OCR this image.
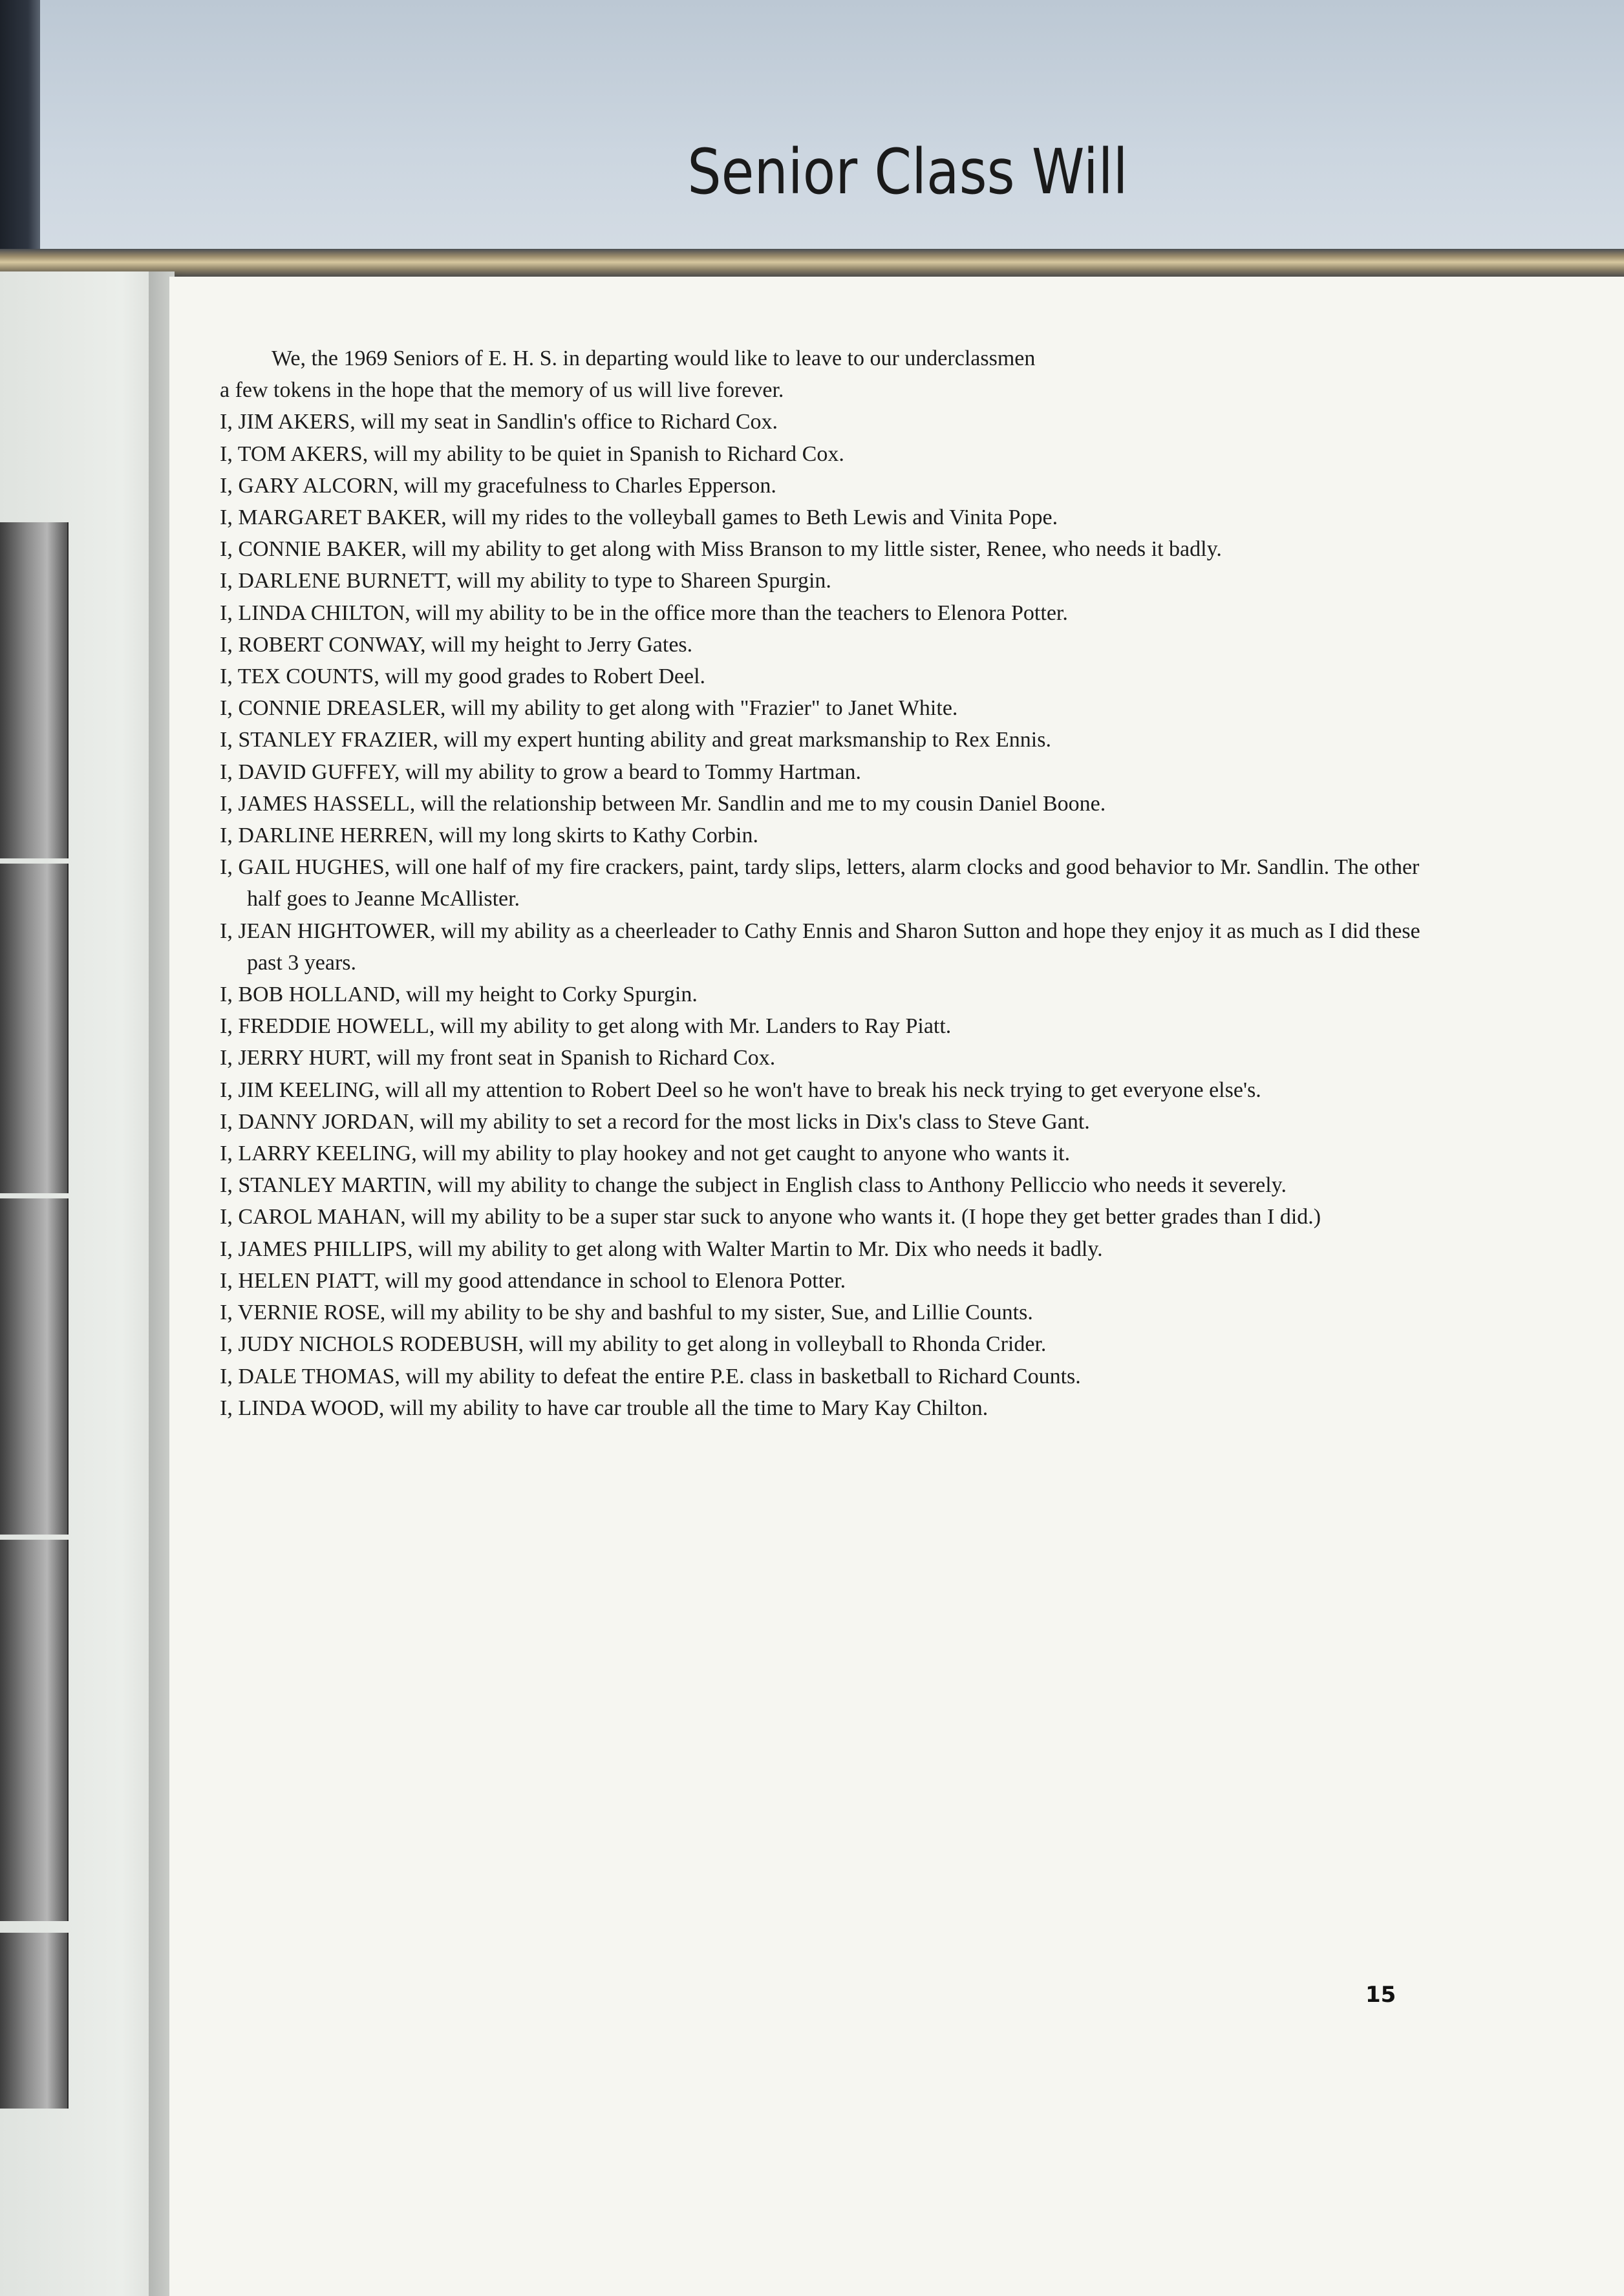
Senior Class Will

We, the 1969 Seniors of E. H. S. in departing would like to leave to our underclassmen

a few tokens in the hope that the memory of us will live forever.

I, JIM AKERS, will my seat in Sandlin's office to Richard Cox.

I, TOM AKERS, will my ability to be quiet in Spanish to Richard Cox.

I, GARY ALCORN, will my gracefulness to Charles Epperson.

I, MARGARET BAKER, will my rides to the volleyball games to Beth Lewis and Vinita Pope.

I, CONNIE BAKER, will my ability to get along with Miss Branson to my little sister, Renee, who needs it badly.

I, DARLENE BURNETT, will my ability to type to Shareen Spurgin.

I, LINDA CHILTON, will my ability to be in the office more than the teachers to Elenora Potter.

I, ROBERT CONWAY, will my height to Jerry Gates.

I, TEX COUNTS, will my good grades to Robert Deel.

I, CONNIE DREASLER, will my ability to get along with "Frazier" to Janet White.

I, STANLEY FRAZIER, will my expert hunting ability and great marksmanship to Rex Ennis.

I, DAVID GUFFEY, will my ability to grow a beard to Tommy Hartman.

I, JAMES HASSELL, will the relationship between Mr. Sandlin and me to my cousin Daniel Boone.

I, DARLINE HERREN, will my long skirts to Kathy Corbin.

I, GAIL HUGHES, will one half of my fire crackers, paint, tardy slips, letters, alarm clocks and good behavior to Mr. Sandlin. The other half goes to Jeanne McAllister.

I, JEAN HIGHTOWER, will my ability as a cheerleader to Cathy Ennis and Sharon Sutton and hope they enjoy it as much as I did these past 3 years.

I, BOB HOLLAND, will my height to Corky Spurgin.

I, FREDDIE HOWELL, will my ability to get along with Mr. Landers to Ray Piatt.

I, JERRY HURT, will my front seat in Spanish to Richard Cox.

I, JIM KEELING, will all my attention to Robert Deel so he won't have to break his neck trying to get everyone else's.

I, DANNY JORDAN, will my ability to set a record for the most licks in Dix's class to Steve Gant.

I, LARRY KEELING, will my ability to play hookey and not get caught to anyone who wants it.

I, STANLEY MARTIN, will my ability to change the subject in English class to Anthony Pelliccio who needs it severely.

I, CAROL MAHAN, will my ability to be a super star suck to anyone who wants it. (I hope they get better grades than I did.)

I, JAMES PHILLIPS, will my ability to get along with Walter Martin to Mr. Dix who needs it badly.

I, HELEN PIATT, will my good attendance in school to Elenora Potter.

I, VERNIE ROSE, will my ability to be shy and bashful to my sister, Sue, and Lillie Counts.

I, JUDY NICHOLS RODEBUSH, will my ability to get along in volleyball to Rhonda Crider.

I, DALE THOMAS, will my ability to defeat the entire P.E. class in basketball to Richard Counts.

I, LINDA WOOD, will my ability to have car trouble all the time to Mary Kay Chilton.

15
